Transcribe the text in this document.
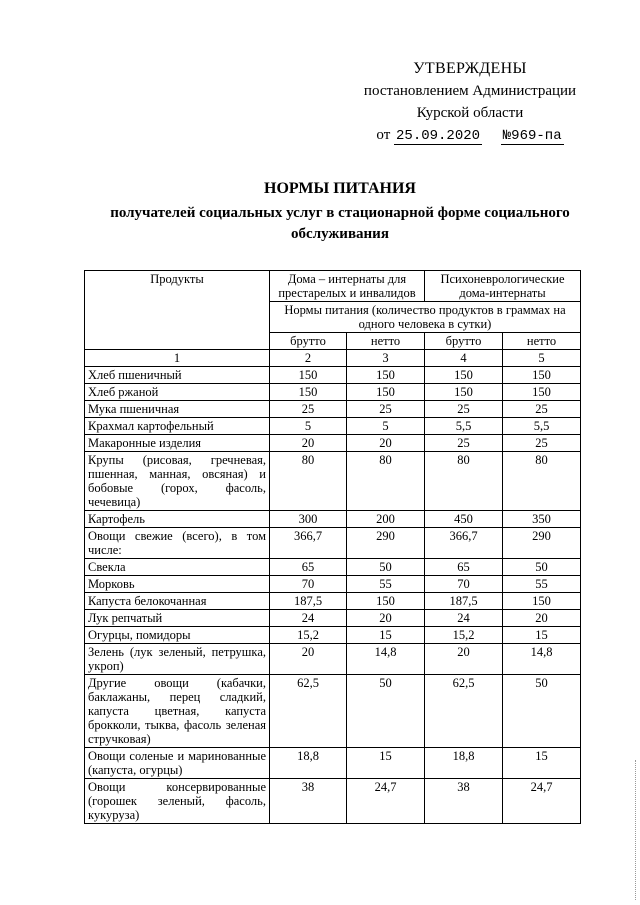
УТВЕРЖДЕНЫ
постановлением Администрации
Курской области
от 25.09.2020 №969-па
НОРМЫ ПИТАНИЯ
получателей социальных услуг в стационарной форме социального обслуживания
Продукты	Дома – интернаты для престарелых и инвалидов		Психоневрологические дома-интернаты	
	Нормы питания (количество продуктов в граммах на одного человека в сутки)			
	брутто	нетто	брутто	нетто
1	2	3	4	5
Хлеб пшеничный	150	150	150	150
Хлеб ржаной	150	150	150	150
Мука пшеничная	25	25	25	25
Крахмал картофельный	5	5	5,5	5,5
Макаронные изделия	20	20	25	25
Крупы (рисовая, гречневая, пшенная, манная, овсяная) и бобовые (горох, фасоль, чечевица)	80	80	80	80
Картофель	300	200	450	350
Овощи свежие (всего), в том числе:	366,7	290	366,7	290
Свекла	65	50	65	50
Морковь	70	55	70	55
Капуста белокочанная	187,5	150	187,5	150
Лук репчатый	24	20	24	20
Огурцы, помидоры	15,2	15	15,2	15
Зелень (лук зеленый, петрушка, укроп)	20	14,8	20	14,8
Другие овощи (кабачки, баклажаны, перец сладкий, капуста цветная, капуста брокколи, тыква, фасоль зеленая стручковая)	62,5	50	62,5	50
Овощи соленые и маринованные (капуста, огурцы)	18,8	15	18,8	15
Овощи консервированные (горошек зеленый, фасоль, кукуруза)	38	24,7	38	24,7
